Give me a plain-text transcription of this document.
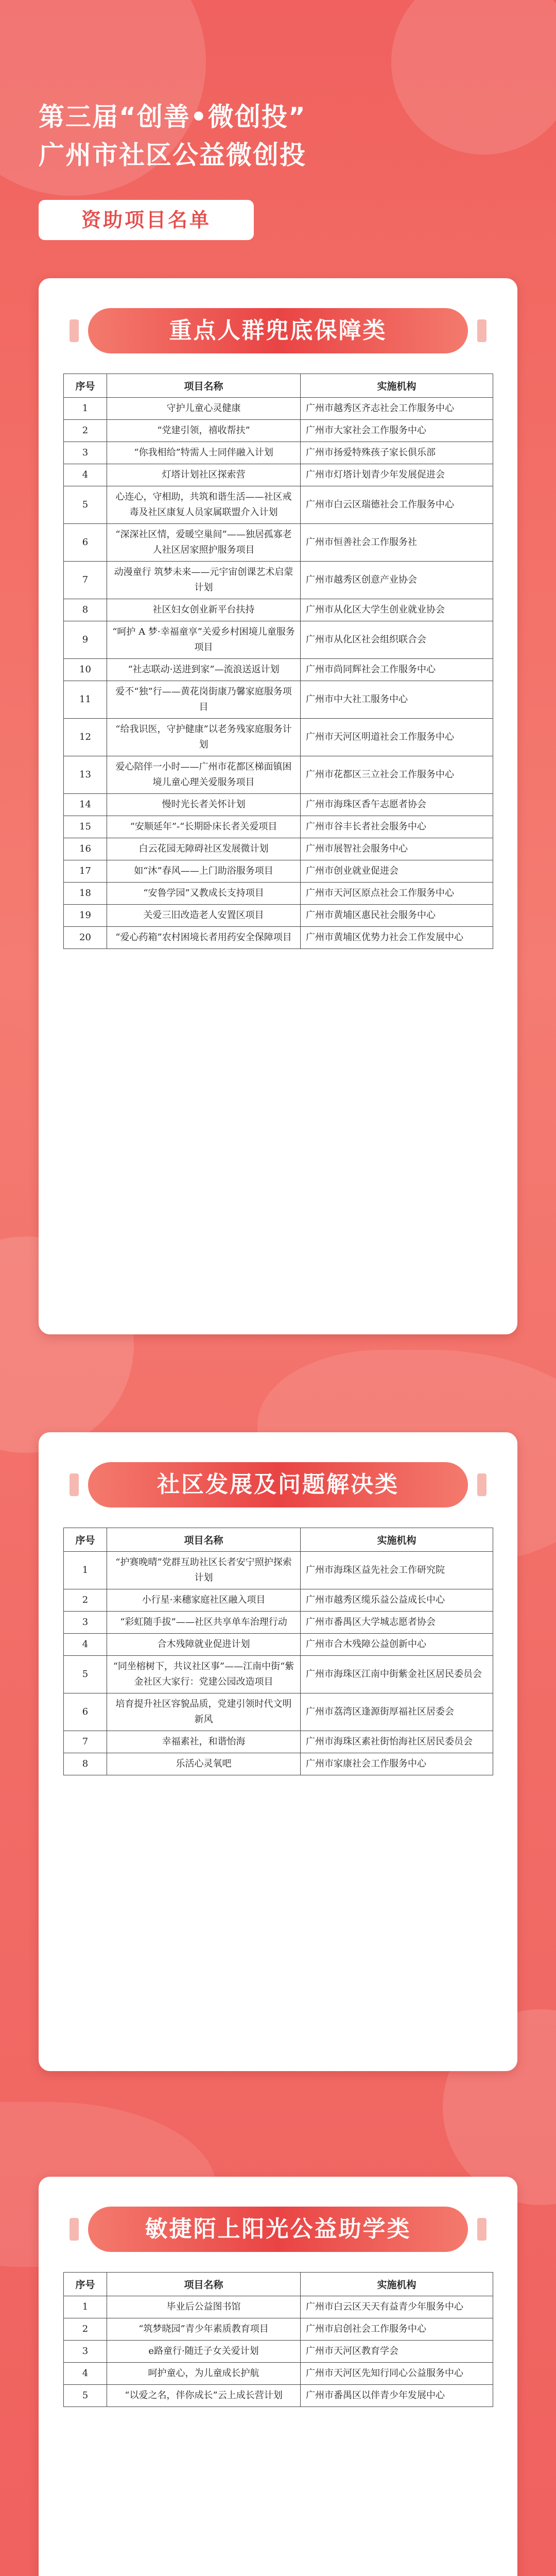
第三届“创善•微创投”
广州市社区公益微创投
资助项目名单
重点人群兜底保障类
序号	项目名称	实施机构
1	守护儿童心灵健康	广州市越秀区齐志社会工作服务中心
2	“党建引领，禧收帮扶”	广州市大家社会工作服务中心
3	“你我相给”特需人士同伴融入计划	广州市扬爱特殊孩子家长俱乐部
4	灯塔计划社区探索营	广州市灯塔计划青少年发展促进会
5	心连心，守相助，共筑和谐生活——社区戒毒及社区康复人员家属联盟介入计划	广州市白云区瑞德社会工作服务中心
6	“深深社区情，爱暖空巢间”——独居孤寡老人社区居家照护服务项目	广州市恒善社会工作服务社
7	动漫童行 筑梦未来——元宇宙创课艺术启蒙计划	广州市越秀区创意产业协会
8	社区妇女创业新平台扶持	广州市从化区大学生创业就业协会
9	“呵护 A 梦·幸福童享”关爱乡村困境儿童服务项目	广州市从化区社会组织联合会
10	“社志联动·送进到家”—流浪送返计划	广州市尚同辉社会工作服务中心
11	爱不“独”行——黄花岗街康乃馨家庭服务项目	广州市中大社工服务中心
12	“给我识医，守护健康”以老务残家庭服务计划	广州市天河区明道社会工作服务中心
13	爱心陪伴一小时——广州市花都区梯面镇困境儿童心理关爱服务项目	广州市花都区三立社会工作服务中心
14	慢时光长者关怀计划	广州市海珠区香午志愿者协会
15	“安顺延年”-“长期卧床长者关爱项目	广州市谷丰长者社会服务中心
16	白云花园无障碍社区发展微计划	广州市展智社会服务中心
17	如“沐”春风——上门助浴服务项目	广州市创业就业促进会
18	“安鲁学园”又教成长支持项目	广州市天河区原点社会工作服务中心
19	关爱三旧改造老人安置区项目	广州市黄埔区惠民社会服务中心
20	“爱心药箱”农村困境长者用药安全保障项目	广州市黄埔区优势力社会工作发展中心
社区发展及问题解决类
序号	项目名称	实施机构
1	“护赛晚晴”党群互助社区长者安宁照护探索计划	广州市海珠区益先社会工作研究院
2	小行星·来穗家庭社区融入项目	广州市越秀区缆乐益公益成长中心
3	“彩虹随手拔”——社区共享单车治理行动	广州市番禺区大学城志愿者协会
4	合木残障就业促进计划	广州市合木残障公益创新中心
5	“同坐榕树下，共议社区事”——江南中街“紫金社区大家行：党建公园改造项目	广州市海珠区江南中街紫金社区居民委员会
6	培育提升社区容貌品质，党建引领时代文明新风	广州市荔湾区逢源街厚福社区居委会
7	幸福素社，和谐怡海	广州市海珠区素社街怡海社区居民委员会
8	乐活心灵氧吧	广州市家康社会工作服务中心
敏捷陌上阳光公益助学类
序号	项目名称	实施机构
1	毕业后公益图书馆	广州市白云区天天有益青少年服务中心
2	“筑梦晓园”青少年素质教育项目	广州市启创社会工作服务中心
3	e路童行·随迁子女关爱计划	广州市天河区教育学会
4	呵护童心，为儿童成长护航	广州市天河区先知行同心公益服务中心
5	“以爱之名，伴你成长”云上成长营计划	广州市番禺区以伴青少年发展中心
